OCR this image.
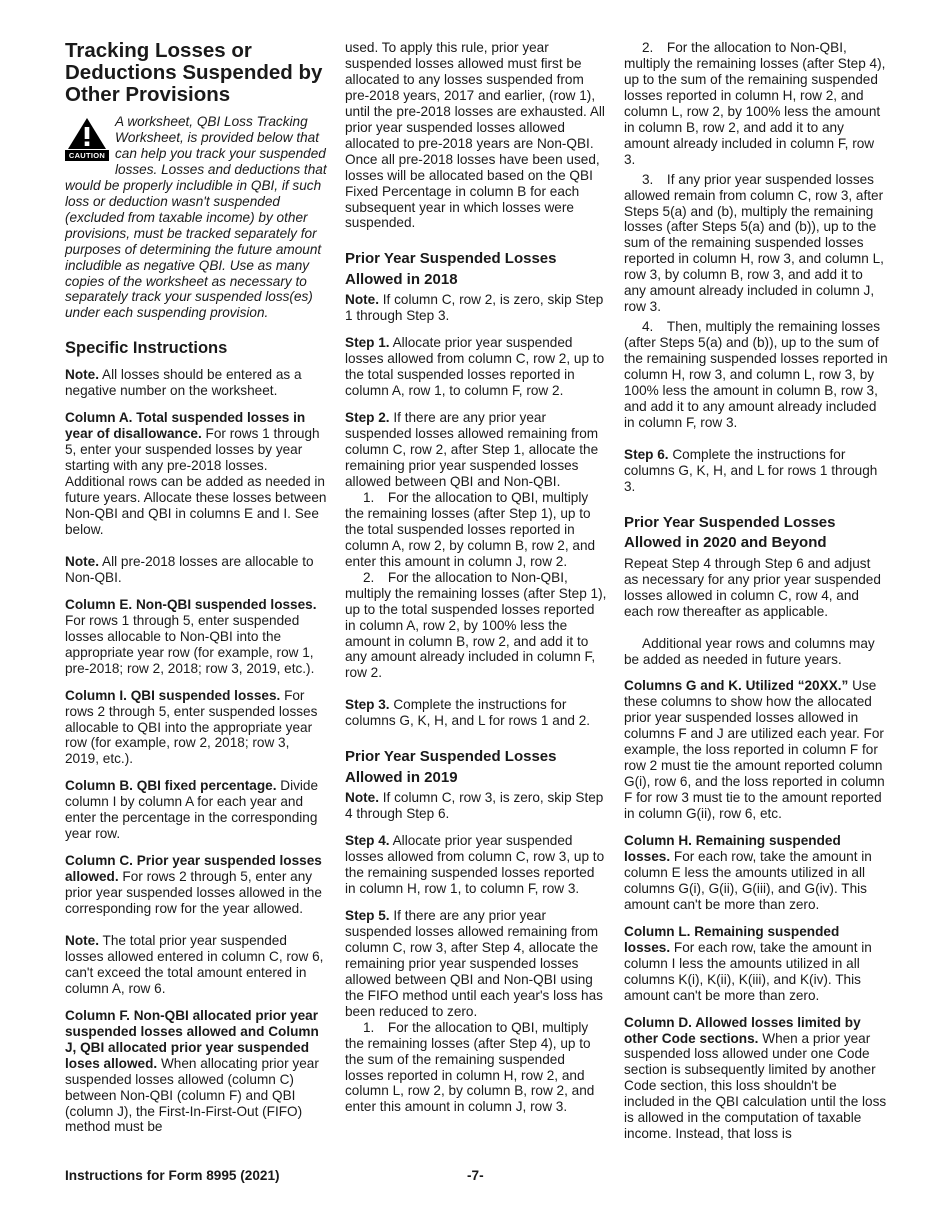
Tracking Losses or Deductions Suspended by Other Provisions
CAUTION

A worksheet, QBI Loss Tracking Worksheet, is provided below that can help you track your suspended losses. Losses and deductions that would be properly includible in QBI, if such loss or deduction wasn't suspended (excluded from taxable income) by other provisions, must be tracked separately for purposes of determining the future amount includible as negative QBI. Use as many copies of the worksheet as necessary to separately track your suspended loss(es) under each suspending provision.

Specific Instructions

Note. All losses should be entered as a negative number on the worksheet.

Column A. Total suspended losses in year of disallowance. For rows 1 through 5, enter your suspended losses by year starting with any pre-2018 losses. Additional rows can be added as needed in future years. Allocate these losses between Non-QBI and QBI in columns E and I. See below.

Note. All pre-2018 losses are allocable to Non-QBI.

Column E. Non-QBI suspended losses. For rows 1 through 5, enter suspended losses allocable to Non-QBI into the appropriate year row (for example, row 1, pre-2018; row 2, 2018; row 3, 2019, etc.).

Column I. QBI suspended losses. For rows 2 through 5, enter suspended losses allocable to QBI into the appropriate year row (for example, row 2, 2018; row 3, 2019, etc.).

Column B. QBI fixed percentage. Divide column I by column A for each year and enter the percentage in the corresponding year row.

Column C. Prior year suspended losses allowed. For rows 2 through 5, enter any prior year suspended losses allowed in the corresponding row for the year allowed.

Note. The total prior year suspended losses allowed entered in column C, row 6, can't exceed the total amount entered in column A, row 6.

Column F. Non-QBI allocated prior year suspended losses allowed and Column J, QBI allocated prior year suspended loses allowed. When allocating prior year suspended losses allowed (column C) between Non-QBI (column F) and QBI (column J), the First-In-First-Out (FIFO) method must be

used. To apply this rule, prior year suspended losses allowed must first be allocated to any losses suspended from pre-2018 years, 2017 and earlier, (row 1), until the pre-2018 losses are exhausted. All prior year suspended losses allowed allocated to pre-2018 years are Non-QBI. Once all pre-2018 losses have been used, losses will be allocated based on the QBI Fixed Percentage in column B for each subsequent year in which losses were suspended.

Prior Year Suspended Losses Allowed in 2018

Note. If column C, row 2, is zero, skip Step 1 through Step 3.

Step 1. Allocate prior year suspended losses allowed from column C, row 2, up to the total suspended losses reported in column A, row 1, to column F, row 2.

Step 2. If there are any prior year suspended losses allowed remaining from column C, row 2, after Step 1, allocate the remaining prior year suspended losses allowed between QBI and Non-QBI.

1. For the allocation to QBI, multiply the remaining losses (after Step 1), up to the total suspended losses reported in column A, row 2, by column B, row 2, and enter this amount in column J, row 2.

2. For the allocation to Non-QBI, multiply the remaining losses (after Step 1), up to the total suspended losses reported in column A, row 2, by 100% less the amount in column B, row 2, and add it to any amount already included in column F, row 2.

Step 3. Complete the instructions for columns G, K, H, and L for rows 1 and 2.

Prior Year Suspended Losses Allowed in 2019

Note. If column C, row 3, is zero, skip Step 4 through Step 6.

Step 4. Allocate prior year suspended losses allowed from column C, row 3, up to the remaining suspended losses reported in column H, row 1, to column F, row 3.

Step 5. If there are any prior year suspended losses allowed remaining from column C, row 3, after Step 4, allocate the remaining prior year suspended losses allowed between QBI and Non-QBI using the FIFO method until each year's loss has been reduced to zero.

1. For the allocation to QBI, multiply the remaining losses (after Step 4), up to the sum of the remaining suspended losses reported in column H, row 2, and column L, row 2, by column B, row 2, and enter this amount in column J, row 3.

2. For the allocation to Non-QBI, multiply the remaining losses (after Step 4), up to the sum of the remaining suspended losses reported in column H, row 2, and column L, row 2, by 100% less the amount in column B, row 2, and add it to any amount already included in column F, row 3.

3. If any prior year suspended losses allowed remain from column C, row 3, after Steps 5(a) and (b), multiply the remaining losses (after Steps 5(a) and (b)), up to the sum of the remaining suspended losses reported in column H, row 3, and column L, row 3, by column B, row 3, and add it to any amount already included in column J, row 3.

4. Then, multiply the remaining losses (after Steps 5(a) and (b)), up to the sum of the remaining suspended losses reported in column H, row 3, and column L, row 3, by 100% less the amount in column B, row 3, and add it to any amount already included in column F, row 3.

Step 6. Complete the instructions for columns G, K, H, and L for rows 1 through 3.

Prior Year Suspended Losses Allowed in 2020 and Beyond

Repeat Step 4 through Step 6 and adjust as necessary for any prior year suspended losses allowed in column C, row 4, and each row thereafter as applicable.

Additional year rows and columns may be added as needed in future years.

Columns G and K. Utilized “20XX.” Use these columns to show how the allocated prior year suspended losses allowed in columns F and J are utilized each year. For example, the loss reported in column F for row 2 must tie the amount reported column G(i), row 6, and the loss reported in column F for row 3 must tie to the amount reported in column G(ii), row 6, etc.

Column H. Remaining suspended losses. For each row, take the amount in column E less the amounts utilized in all columns G(i), G(ii), G(iii), and G(iv). This amount can't be more than zero.

Column L. Remaining suspended losses. For each row, take the amount in column I less the amounts utilized in all columns K(i), K(ii), K(iii), and K(iv). This amount can't be more than zero.

Column D. Allowed losses limited by other Code sections. When a prior year suspended loss allowed under one Code section is subsequently limited by another Code section, this loss shouldn't be included in the QBI calculation until the loss is allowed in the computation of taxable income. Instead, that loss is

Instructions for Form 8995 (2021)	-7-
